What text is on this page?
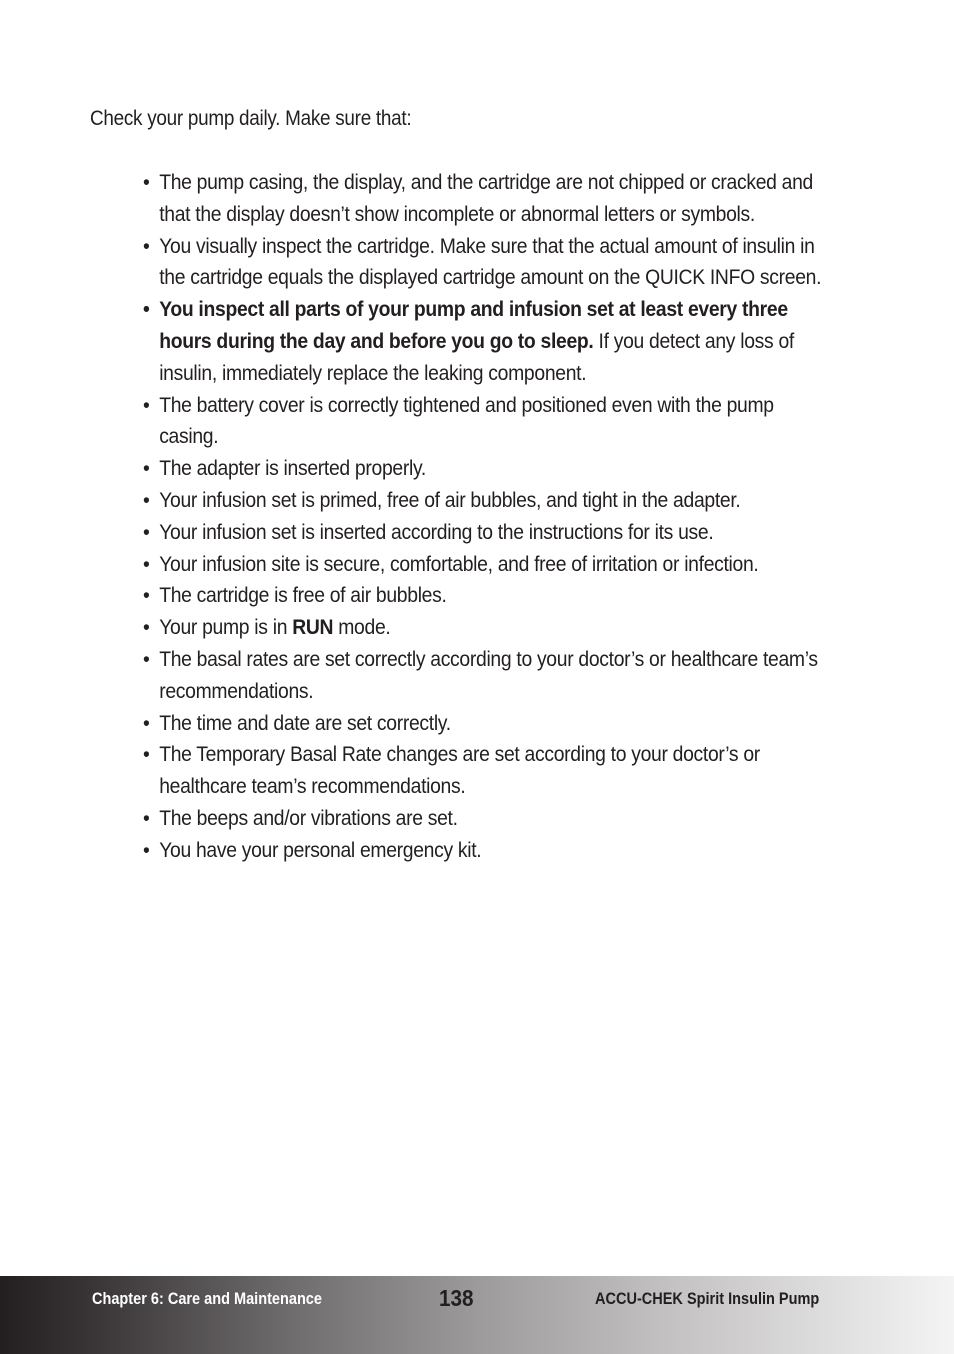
Check your pump daily. Make sure that:

• The pump casing, the display, and the cartridge are not chipped or cracked and that the display doesn’t show incomplete or abnormal letters or symbols.
• You visually inspect the cartridge. Make sure that the actual amount of insulin in the cartridge equals the displayed cartridge amount on the QUICK INFO screen.
• You inspect all parts of your pump and infusion set at least every three hours during the day and before you go to sleep. If you detect any loss of insulin, immediately replace the leaking component.
• The battery cover is correctly tightened and positioned even with the pump casing.
• The adapter is inserted properly.
• Your infusion set is primed, free of air bubbles, and tight in the adapter.
• Your infusion set is inserted according to the instructions for its use.
• Your infusion site is secure, comfortable, and free of irritation or infection.
• The cartridge is free of air bubbles.
• Your pump is in RUN mode.
• The basal rates are set correctly according to your doctor’s or healthcare team’s recommendations.
• The time and date are set correctly.
• The Temporary Basal Rate changes are set according to your doctor’s or healthcare team’s recommendations.
• The beeps and/or vibrations are set.
• You have your personal emergency kit.
Chapter 6: Care and Maintenance	138	ACCU-CHEK Spirit Insulin Pump
